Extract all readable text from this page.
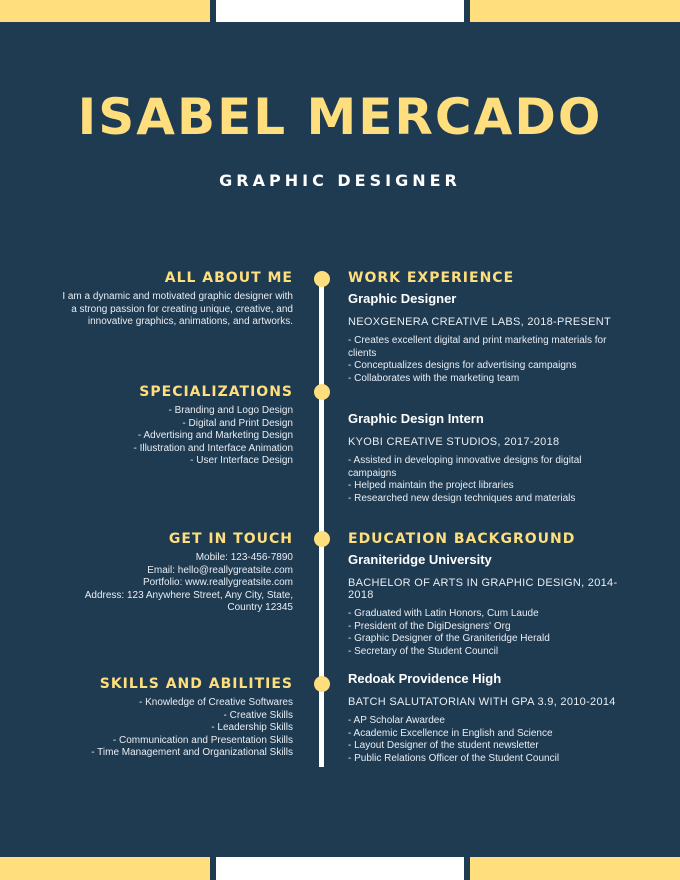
ISABEL MERCADO
GRAPHIC DESIGNER
ALL ABOUT ME
I am a dynamic and motivated graphic designer with
a strong passion for creating unique, creative, and
innovative graphics, animations, and artworks.
SPECIALIZATIONS
- Branding and Logo Design
- Digital and Print Design
- Advertising and Marketing Design
- Illustration and Interface Animation
- User Interface Design
GET IN TOUCH
Mobile: 123-456-7890
Email: hello@reallygreatsite.com
Portfolio: www.reallygreatsite.com
Address: 123 Anywhere Street, Any City, State,
Country 12345
SKILLS AND ABILITIES
- Knowledge of Creative Softwares
- Creative Skills
- Leadership Skills
- Communication and Presentation Skills
- Time Management and Organizational Skills
WORK EXPERIENCE
Graphic Designer
NEOXGENERA CREATIVE LABS, 2018-PRESENT
- Creates excellent digital and print marketing materials for clients
- Conceptualizes designs for advertising campaigns
- Collaborates with the marketing team
Graphic Design Intern
KYOBI CREATIVE STUDIOS, 2017-2018
- Assisted in developing innovative designs for digital campaigns
- Helped maintain the project libraries
- Researched new design techniques and materials
EDUCATION BACKGROUND
Graniteridge University
BACHELOR OF ARTS IN GRAPHIC DESIGN, 2014-2018
- Graduated with Latin Honors, Cum Laude
- President of the DigiDesigners' Org
- Graphic Designer of the Graniteridge Herald
- Secretary of the Student Council
Redoak Providence High
BATCH SALUTATORIAN WITH GPA 3.9, 2010-2014
- AP Scholar Awardee
- Academic Excellence in English and Science
- Layout Designer of the student newsletter
- Public Relations Officer of the Student Council
